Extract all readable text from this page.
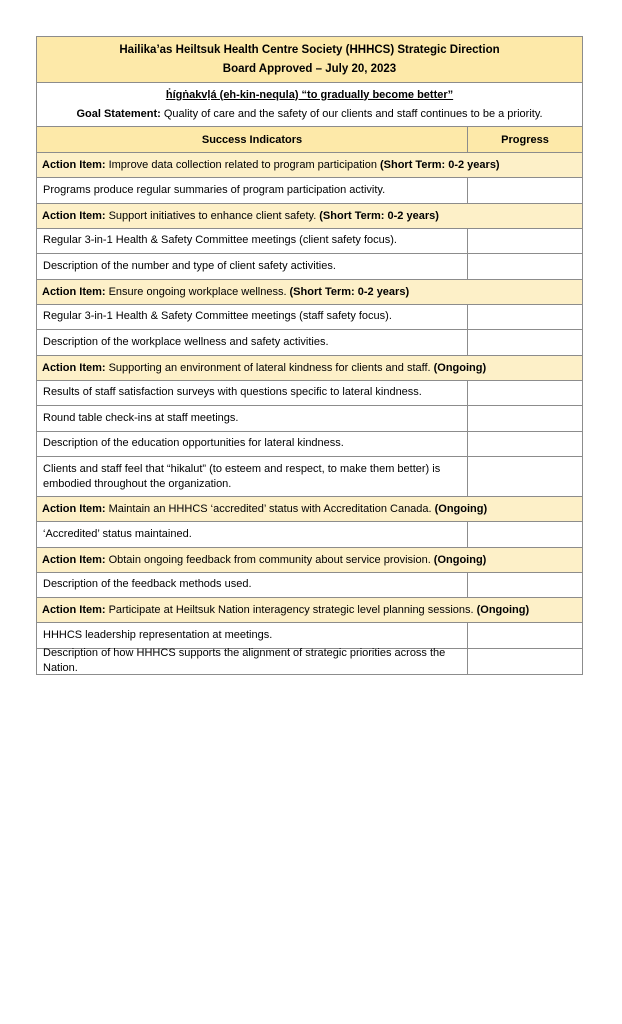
Hailika’as Heiltsuk Health Centre Society (HHHCS) Strategic Direction
Board Approved – July 20, 2023
ḣígṅakvḷá (eh-kin-nequla) “to gradually become better”
Goal Statement: Quality of care and the safety of our clients and staff continues to be a priority.
Success Indicators	Progress
Action Item: Improve data collection related to program participation (Short Term: 0-2 years)
Programs produce regular summaries of program participation activity.
Action Item: Support initiatives to enhance client safety. (Short Term: 0-2 years)
Regular 3-in-1 Health & Safety Committee meetings (client safety focus).
Description of the number and type of client safety activities.
Action Item: Ensure ongoing workplace wellness. (Short Term: 0-2 years)
Regular 3-in-1 Health & Safety Committee meetings (staff safety focus).
Description of the workplace wellness and safety activities.
Action Item: Supporting an environment of lateral kindness for clients and staff. (Ongoing)
Results of staff satisfaction surveys with questions specific to lateral kindness.
Round table check-ins at staff meetings.
Description of the education opportunities for lateral kindness.
Clients and staff feel that “hikalut” (to esteem and respect, to make them better) is embodied throughout the organization.
Action Item: Maintain an HHHCS ‘accredited’ status with Accreditation Canada. (Ongoing)
‘Accredited’ status maintained.
Action Item: Obtain ongoing feedback from community about service provision. (Ongoing)
Description of the feedback methods used.
Action Item: Participate at Heiltsuk Nation interagency strategic level planning sessions. (Ongoing)
HHHCS leadership representation at meetings.
Description of how HHHCS supports the alignment of strategic priorities across the Nation.
